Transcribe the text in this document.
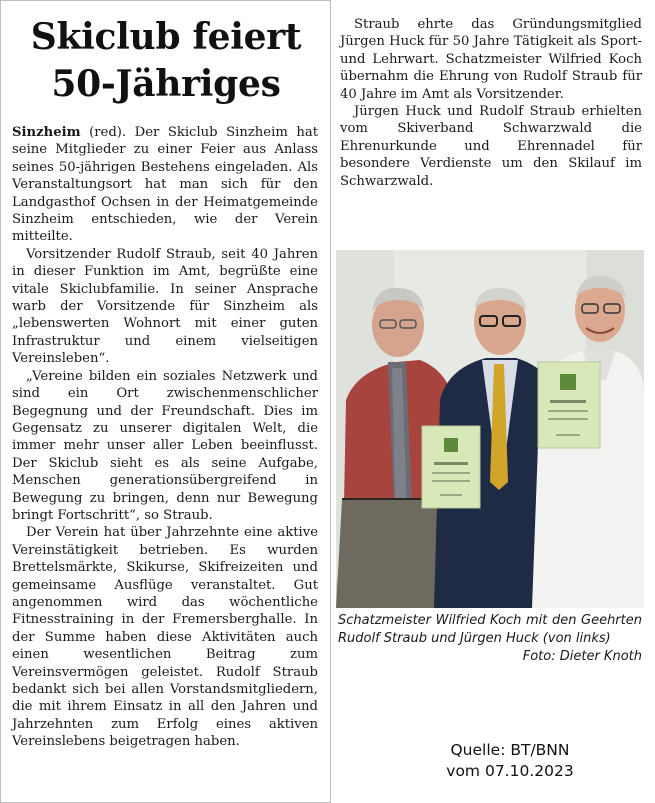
Skiclub feiert
50-Jähriges

Sinzheim (red). Der Skiclub Sinzheim hat seine Mitglieder zu einer Feier aus Anlass seines 50-jährigen Bestehens eingeladen. Als Veranstaltungsort hat man sich für den Landgasthof Ochsen in der Heimatgemeinde Sinzheim entschieden, wie der Verein mitteilte.

Vorsitzender Rudolf Straub, seit 40 Jahren in dieser Funktion im Amt, begrüßte eine vitale Skiclubfamilie. In seiner Ansprache warb der Vorsitzende für Sinzheim als „lebenswerten Wohnort mit einer guten Infrastruktur und einem vielseitigen Vereinsleben“.

„Vereine bilden ein soziales Netzwerk und sind ein Ort zwischenmenschlicher Begegnung und der Freundschaft. Dies im Gegensatz zu unserer digitalen Welt, die immer mehr unser aller Leben beeinflusst. Der Skiclub sieht es als seine Aufgabe, Menschen generationsübergreifend in Bewegung zu bringen, denn nur Bewegung bringt Fortschritt“, so Straub.

Der Verein hat über Jahrzehnte eine aktive Vereinstätigkeit betrieben. Es wurden Brettelsmärkte, Skikurse, Skifreizeiten und gemeinsame Ausflüge veranstaltet. Gut angenommen wird das wöchentliche Fitnesstraining in der Fremersberghalle. In der Summe haben diese Aktivitäten auch einen wesentlichen Beitrag zum Vereinsvermögen geleistet. Rudolf Straub bedankt sich bei allen Vorstandsmitgliedern, die mit ihrem Einsatz in all den Jahren und Jahrzehnten zum Erfolg eines aktiven Vereinslebens beigetragen haben.

Straub ehrte das Gründungsmitglied Jürgen Huck für 50 Jahre Tätigkeit als Sport- und Lehrwart. Schatzmeister Wilfried Koch übernahm die Ehrung von Rudolf Straub für 40 Jahre im Amt als Vorsitzender.

Jürgen Huck und Rudolf Straub erhielten vom Skiverband Schwarzwald die Ehrenurkunde und Ehrennadel für besondere Verdienste um den Skilauf im Schwarzwald.

Schatzmeister Wilfried Koch mit den Geehrten Rudolf Straub und Jürgen Huck (von links)
Foto: Dieter Knoth
Quelle: BT/BNN
vom 07.10.2023
